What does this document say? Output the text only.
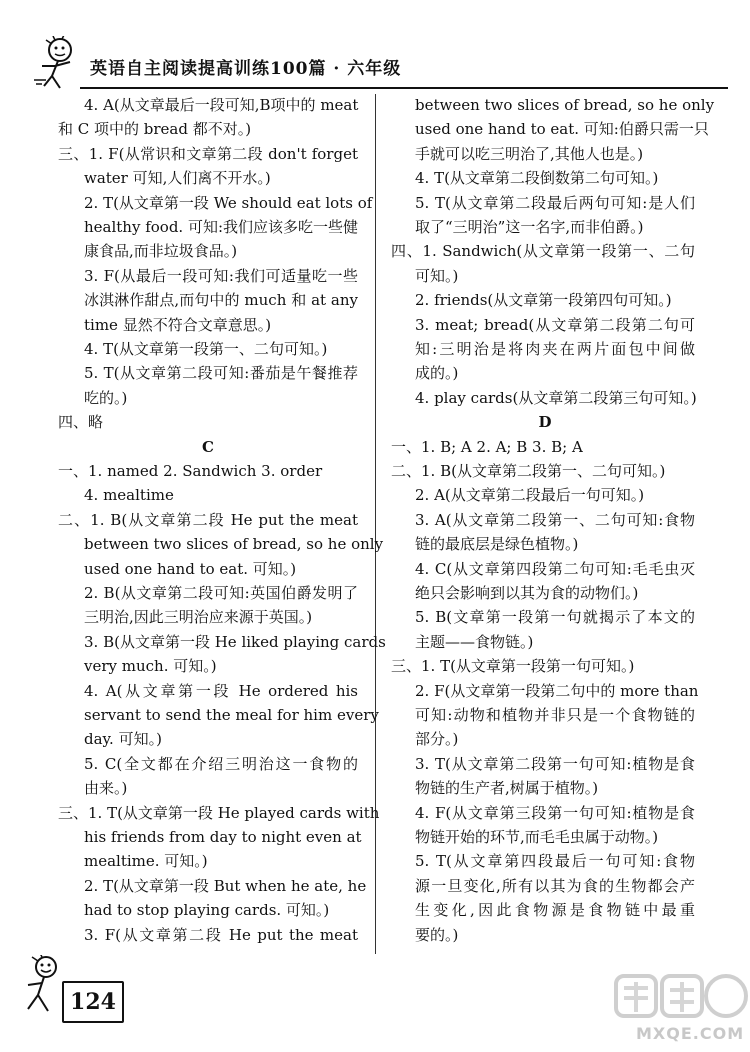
英语自主阅读提高训练100篇 · 六年级
4. A(从文章最后一段可知,B项中的 meat
和 C 项中的 bread 都不对。)
三、1. F(从常识和文章第二段 don't forget
water 可知,人们离不开水。)
2. T(从文章第一段 We should eat lots of
healthy food. 可知:我们应该多吃一些健
康食品,而非垃圾食品。)
3. F(从最后一段可知:我们可适量吃一些
冰淇淋作甜点,而句中的 much 和 at any
time 显然不符合文章意思。)
4. T(从文章第一段第一、二句可知。)
5. T(从文章第二段可知:番茄是午餐推荐
吃的。)
四、略
C
一、1. named 2. Sandwich 3. order
4. mealtime
二、1. B(从文章第二段 He put the meat
between two slices of bread, so he only
used one hand to eat. 可知。)
2. B(从文章第二段可知:英国伯爵发明了
三明治,因此三明治应来源于英国。)
3. B(从文章第一段 He liked playing cards
very much. 可知。)
4. A(从文章第一段 He ordered his
servant to send the meal for him every
day. 可知。)
5. C(全文都在介绍三明治这一食物的
由来。)
三、1. T(从文章第一段 He played cards with
his friends from day to night even at
mealtime. 可知。)
2. T(从文章第一段 But when he ate, he
had to stop playing cards. 可知。)
3. F(从文章第二段 He put the meat
between two slices of bread, so he only
used one hand to eat. 可知:伯爵只需一只
手就可以吃三明治了,其他人也是。)
4. T(从文章第二段倒数第二句可知。)
5. T(从文章第二段最后两句可知:是人们
取了“三明治”这一名字,而非伯爵。)
四、1. Sandwich(从文章第一段第一、二句
可知。)
2. friends(从文章第一段第四句可知。)
3. meat; bread(从文章第二段第二句可
知:三明治是将肉夹在两片面包中间做
成的。)
4. play cards(从文章第二段第三句可知。)
D
一、1. B; A 2. A; B 3. B; A
二、1. B(从文章第二段第一、二句可知。)
2. A(从文章第二段最后一句可知。)
3. A(从文章第二段第一、二句可知:食物
链的最底层是绿色植物。)
4. C(从文章第四段第二句可知:毛毛虫灭
绝只会影响到以其为食的动物们。)
5. B(文章第一段第一句就揭示了本文的
主题——食物链。)
三、1. T(从文章第一段第一句可知。)
2. F(从文章第一段第二句中的 more than
可知:动物和植物并非只是一个食物链的
部分。)
3. T(从文章第二段第一句可知:植物是食
物链的生产者,树属于植物。)
4. F(从文章第三段第一句可知:植物是食
物链开始的环节,而毛毛虫属于动物。)
5. T(从文章第四段最后一句可知:食物
源一旦变化,所有以其为食的生物都会产
生变化,因此食物源是食物链中最重
要的。)
124
MXQE.COM
